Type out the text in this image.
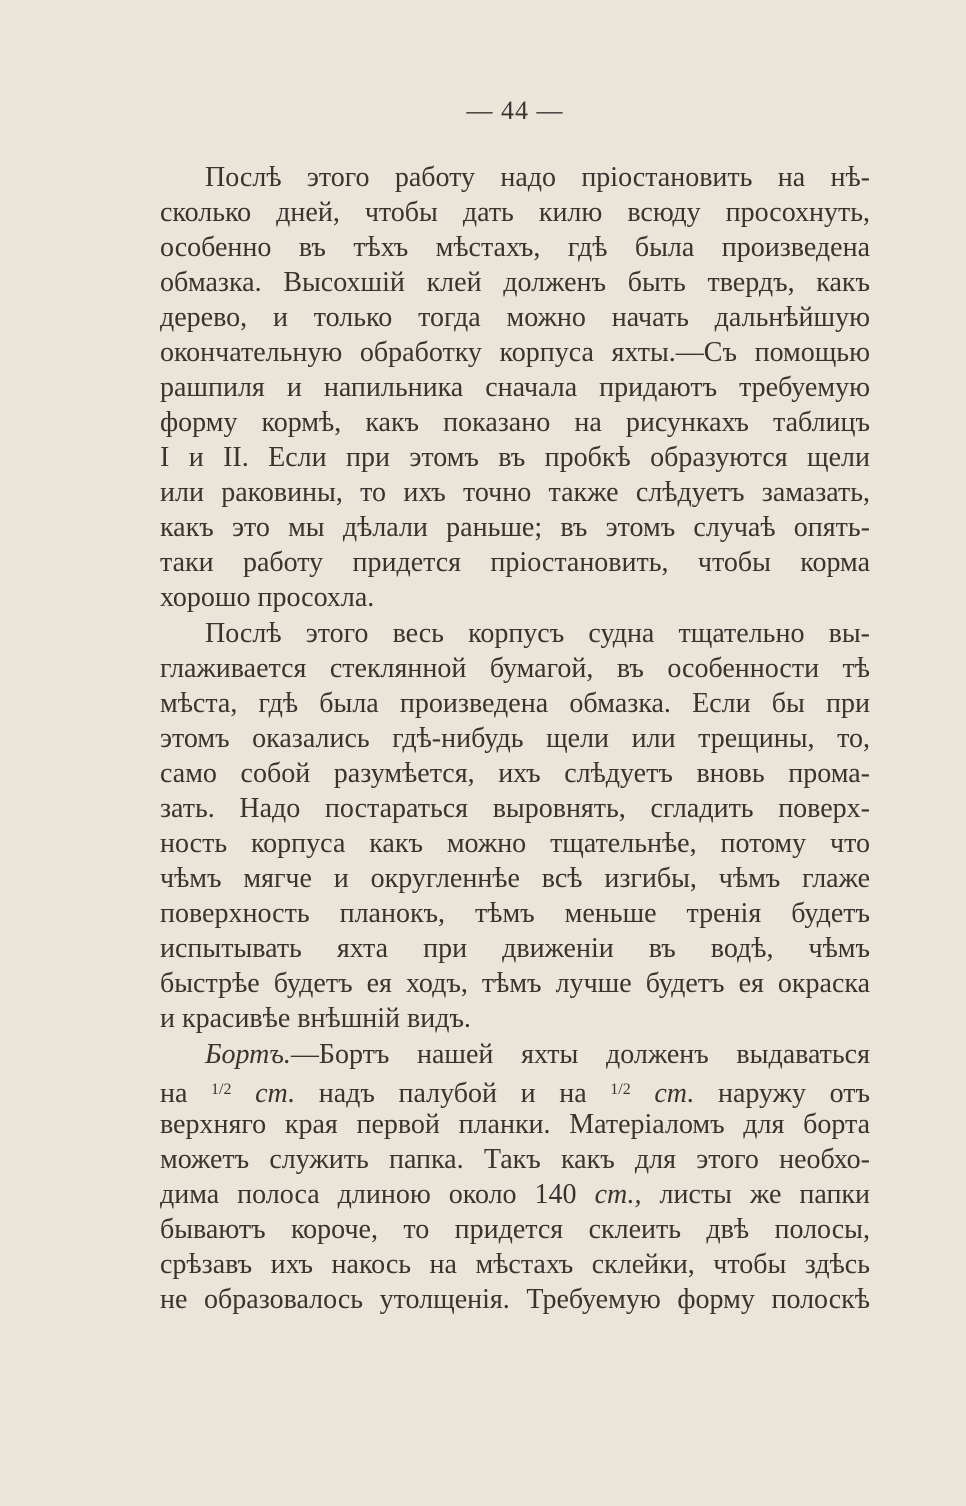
— 44 —
Послѣ этого работу надо пріостановить на нѣ-
сколько дней, чтобы дать килю всюду просохнуть,
особенно въ тѣхъ мѣстахъ, гдѣ была произведена
обмазка. Высохшій клей долженъ быть твердъ, какъ
дерево, и только тогда можно начать дальнѣйшую
окончательную обработку корпуса яхты.—Съ помощью
рашпиля и напильника сначала придаютъ требуемую
форму кормѣ, какъ показано на рисункахъ таблицъ
I и II. Если при этомъ въ пробкѣ образуются щели
или раковины, то ихъ точно также слѣдуетъ замазать,
какъ это мы дѣлали раньше; въ этомъ случаѣ опять-
таки работу придется пріостановить, чтобы корма
хорошо просохла.
Послѣ этого весь корпусъ судна тщательно вы-
глаживается стеклянной бумагой, въ особенности тѣ
мѣста, гдѣ была произведена обмазка. Если бы при
этомъ оказались гдѣ-нибудь щели или трещины, то,
само собой разумѣется, ихъ слѣдуетъ вновь прома-
зать. Надо постараться выровнять, сгладить поверх-
ность корпуса какъ можно тщательнѣе, потому что
чѣмъ мягче и округленнѣе всѣ изгибы, чѣмъ глаже
поверхность планокъ, тѣмъ меньше тренія будетъ
испытывать яхта при движеніи въ водѣ, чѣмъ
быстрѣе будетъ ея ходъ, тѣмъ лучше будетъ ея окраска
и красивѣе внѣшній видъ.
Бортъ.—Бортъ нашей яхты долженъ выдаваться
на $^{1/2}$ ст. надъ палубой и на $^{1/2}$ ст. наружу отъ
верхняго края первой планки. Матеріаломъ для борта
можетъ служить папка. Такъ какъ для этого необхо-
дима полоса длиною около 140 ст., листы же папки
бываютъ короче, то придется склеить двѣ полосы,
срѣзавъ ихъ накось на мѣстахъ склейки, чтобы здѣсь
не образовалось утолщенія. Требуемую форму полоскѣ
